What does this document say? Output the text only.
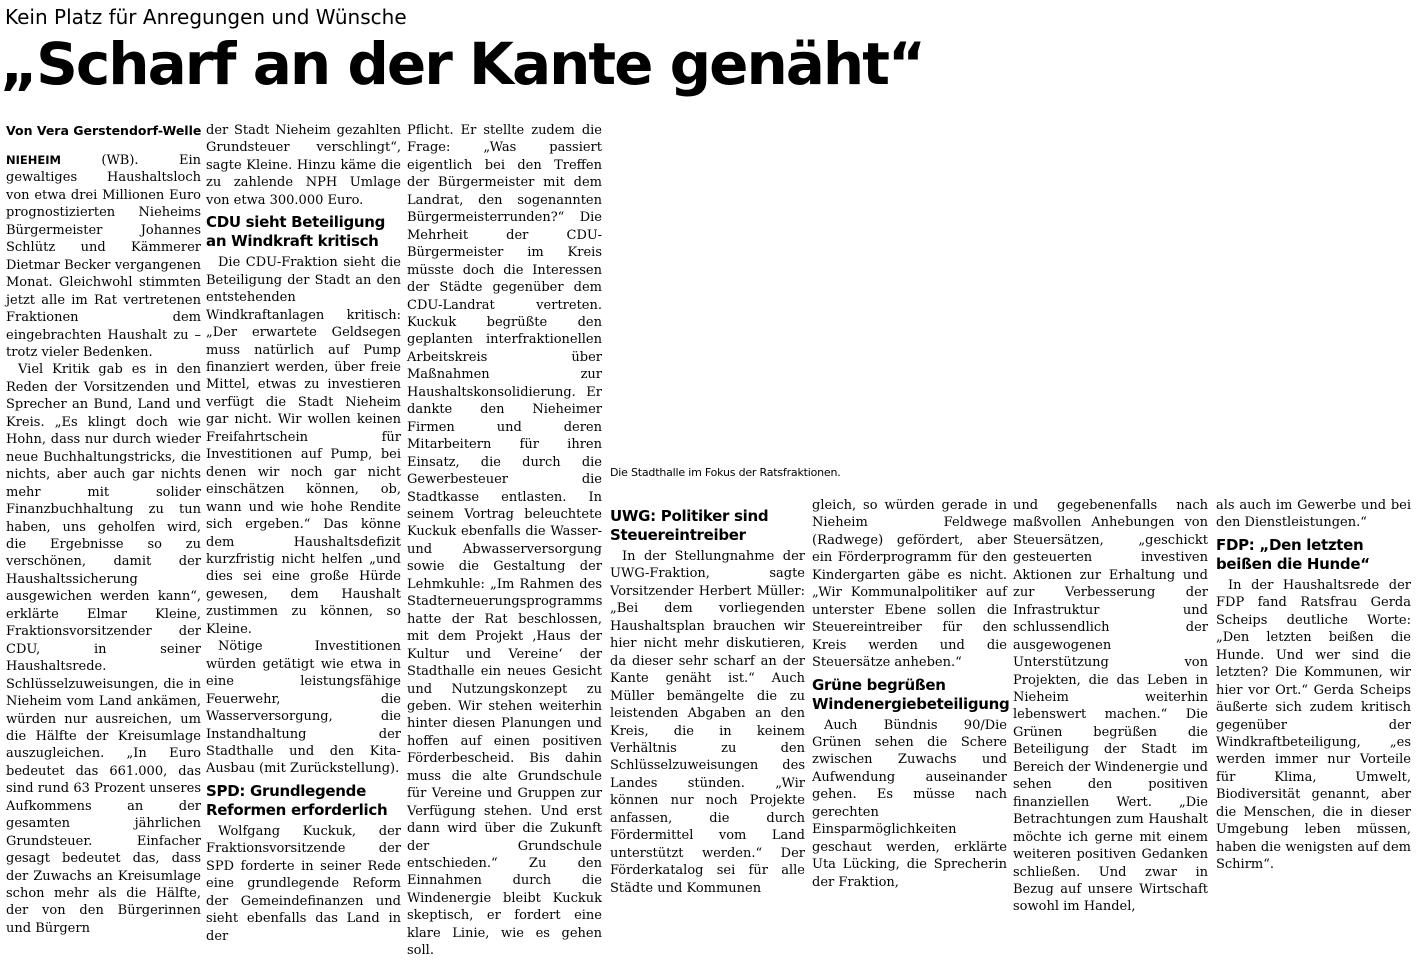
Kein Platz für Anregungen und Wünsche
„Scharf an der Kante genäht“
Die Stadthalle im Fokus der Ratsfraktionen.
Von Vera Gerstendorf-Welle

NIEHEIM	(WB). Ein gewaltiges Haushaltsloch von etwa drei Millionen Euro prognostizierten Nieheims Bürgermeister Johannes Schlütz und Kämmerer Dietmar Becker vergangenen Monat. Gleichwohl stimmten jetzt alle im Rat vertretenen Fraktionen dem eingebrachten Haushalt zu – trotz vieler Bedenken.

Viel Kritik gab es in den Reden der Vorsitzenden und Sprecher an Bund, Land und Kreis. „Es klingt doch wie Hohn, dass nur durch wieder neue Buchhaltungstricks, die nichts, aber auch gar nichts mehr mit solider Finanzbuchhaltung zu tun haben, uns geholfen wird, die Ergebnisse so zu verschönen, damit der Haushaltssicherung ausgewichen werden kann“, erklärte Elmar Kleine, Fraktionsvorsitzender der CDU, in seiner Haushaltsrede. Schlüsselzuweisungen, die in Nieheim vom Land ankämen, würden nur ausreichen, um die Hälfte der Kreisumlage auszugleichen. „In Euro bedeutet das 661.000, das sind rund 63 Prozent unseres Aufkommens an der gesamten jährlichen Grundsteuer. Einfacher gesagt bedeutet das, dass der Zuwachs an Kreisumlage schon mehr als die Hälfte, der von den Bürgerinnen und Bürgern

der Stadt Nieheim gezahlten Grundsteuer verschlingt“, sagte Kleine. Hinzu käme die zu zahlende NPH Umlage von etwa 300.000 Euro.

CDU sieht Beteiligung an Windkraft kritisch

Die CDU-Fraktion sieht die Beteiligung der Stadt an den entstehenden Windkraftanlagen kritisch: „Der erwartete Geldsegen muss natürlich auf Pump finanziert werden, über freie Mittel, etwas zu investieren verfügt die Stadt Nieheim gar nicht. Wir wollen keinen Freifahrtschein für Investitionen auf Pump, bei denen wir noch gar nicht einschätzen können, ob, wann und wie hohe Rendite sich ergeben.“ Das könne dem Haushaltsdefizit kurzfristig nicht helfen „und dies sei eine große Hürde gewesen, dem Haushalt zustimmen zu können, so Kleine.

Nötige Investitionen würden getätigt wie etwa in eine leistungsfähige Feuerwehr, die Wasserversorgung, die Instandhaltung der Stadthalle und den Kita-Ausbau (mit Zurückstellung).

SPD: Grundlegende Reformen erforderlich

Wolfgang Kuckuk, der Fraktionsvorsitzende der SPD forderte in seiner Rede eine grundlegende Reform der Gemeindefinanzen und sieht ebenfalls das Land in der

Pflicht. Er stellte zudem die Frage: „Was passiert eigentlich bei den Treffen der Bürgermeister mit dem Landrat, den sogenannten Bürgermeisterrunden?“ Die Mehrheit der CDU-Bürgermeister im Kreis müsste doch die Interessen der Städte gegenüber dem CDU-Landrat vertreten. Kuckuk begrüßte den geplanten interfraktionellen Arbeitskreis über Maßnahmen zur Haushaltskonsolidierung. Er dankte den Nieheimer Firmen und deren Mitarbeitern für ihren Einsatz, die durch die Gewerbesteuer die Stadtkasse entlasten. In seinem Vortrag beleuchtete Kuckuk ebenfalls die Wasser- und Abwasserversorgung sowie die Gestaltung der Lehmkuhle: „Im Rahmen des Stadterneuerungsprogramms hatte der Rat beschlossen, mit dem Projekt ‚Haus der Kultur und Vereine‘ der Stadthalle ein neues Gesicht und Nutzungskonzept zu geben. Wir stehen weiterhin hinter diesen Planungen und hoffen auf einen positiven Förderbescheid. Bis dahin muss die alte Grundschule für Vereine und Gruppen zur Verfügung stehen. Und erst dann wird über die Zukunft der Grundschule entschieden.“ Zu den Einnahmen durch die Windenergie bleibt Kuckuk skeptisch, er fordert eine klare Linie, wie es gehen soll.

UWG: Politiker sind Steuereintreiber

In der Stellungnahme der UWG-Fraktion, sagte Vorsitzender Herbert Müller: „Bei dem vorliegenden Haushaltsplan brauchen wir hier nicht mehr diskutieren, da dieser sehr scharf an der Kante genäht ist.“ Auch Müller bemängelte die zu leistenden Abgaben an den Kreis, die in keinem Verhältnis zu den Schlüsselzuweisungen des Landes stünden. „Wir können nur noch Projekte anfassen, die durch Fördermittel vom Land unterstützt werden.“ Der Förderkatalog sei für alle Städte und Kommunen

gleich, so würden gerade in Nieheim Feldwege (Radwege) gefördert, aber ein Förderprogramm für den Kindergarten gäbe es nicht. „Wir Kommunalpolitiker auf unterster Ebene sollen die Steuereintreiber für den Kreis werden und die Steuersätze anheben.“

Grüne begrüßen Windenergiebeteiligung

Auch Bündnis 90/Die Grünen sehen die Schere zwischen Zuwachs und Aufwendung auseinander gehen. Es müsse nach gerechten Einsparmöglichkeiten geschaut werden, erklärte Uta Lücking, die Sprecherin der Fraktion,

und gegebenenfalls nach maßvollen Anhebungen von Steuersätzen, „geschickt gesteuerten investiven Aktionen zur Erhaltung und zur Verbesserung der Infrastruktur und schlussendlich der ausgewogenen Unterstützung von Projekten, die das Leben in Nieheim weiterhin lebenswert machen.“ Die Grünen begrüßen die Beteiligung der Stadt im Bereich der Windenergie und sehen den positiven finanziellen Wert. „Die Betrachtungen zum Haushalt möchte ich gerne mit einem weiteren positiven Gedanken schließen. Und zwar in Bezug auf unsere Wirtschaft sowohl im Handel,

als auch im Gewerbe und bei den Dienstleistungen.“

FDP: „Den letzten beißen die Hunde“

In der Haushaltsrede der FDP fand Ratsfrau Gerda Scheips deutliche Worte: „Den letzten beißen die Hunde. Und wer sind die letzten? Die Kommunen, wir hier vor Ort.“ Gerda Scheips äußerte sich zudem kritisch gegenüber der Windkraftbeteiligung, „es werden immer nur Vorteile für Klima, Umwelt, Biodiversität genannt, aber die Menschen, die in dieser Umgebung leben müssen, haben die wenigsten auf dem Schirm“.
